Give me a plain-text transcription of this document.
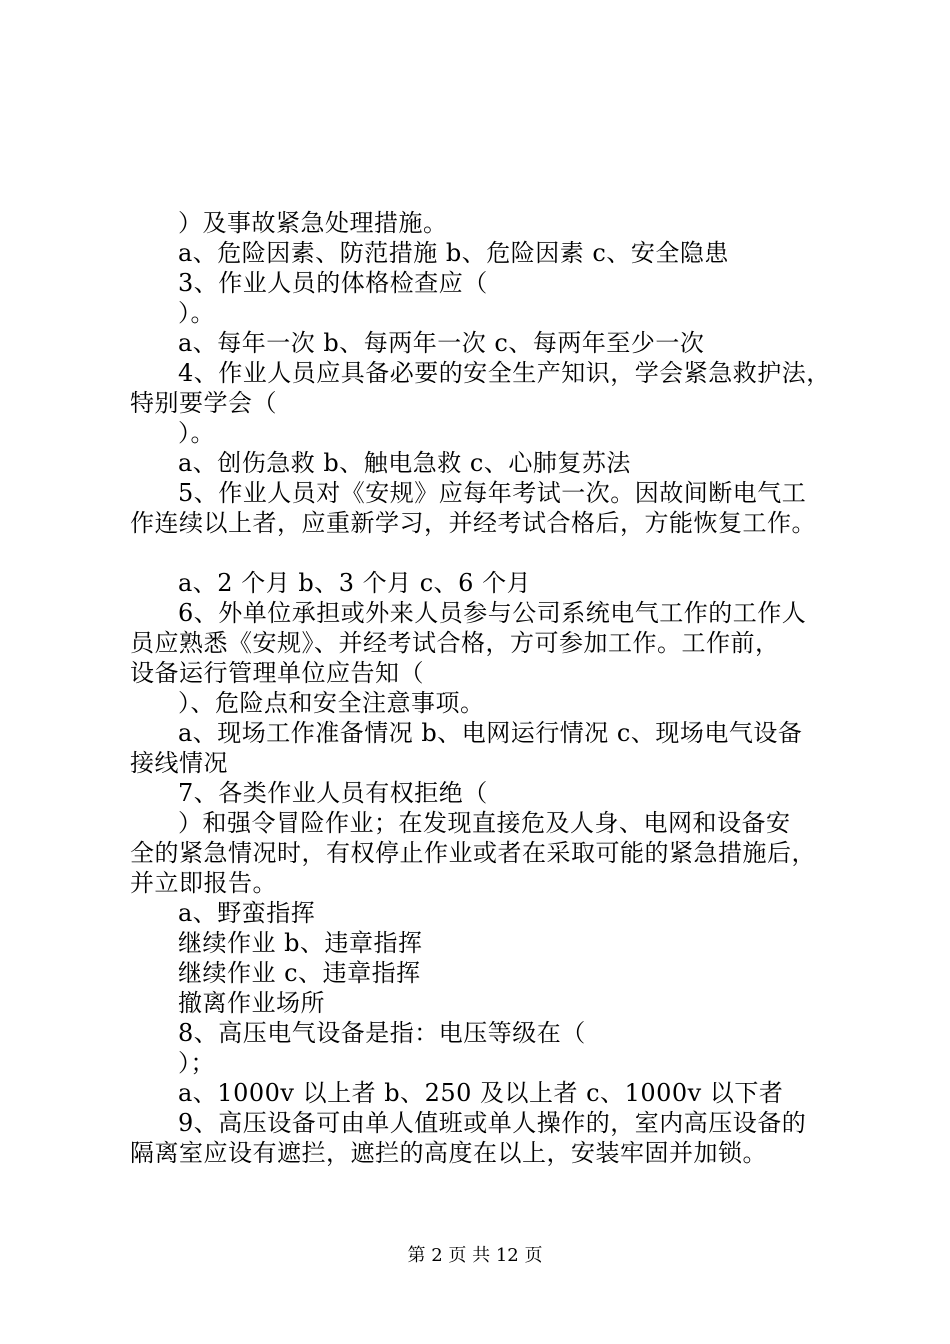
）及事故紧急处理措施。
a、危险因素、防范措施 b、危险因素 c、安全隐患
3、作业人员的体格检查应（
）。
a、每年一次 b、每两年一次 c、每两年至少一次
4、作业人员应具备必要的安全生产知识，学会紧急救护法，
特别要学会（
）。
a、创伤急救 b、触电急救 c、心肺复苏法
5、作业人员对《安规》应每年考试一次。因故间断电气工
作连续以上者，应重新学习，并经考试合格后，方能恢复工作。
a、2 个月 b、3 个月 c、6 个月
6、外单位承担或外来人员参与公司系统电气工作的工作人
员应熟悉《安规》、并经考试合格，方可参加工作。工作前，
设备运行管理单位应告知（
）、危险点和安全注意事项。
a、现场工作准备情况 b、电网运行情况 c、现场电气设备
接线情况
7、各类作业人员有权拒绝（
）和强令冒险作业；在发现直接危及人身、电网和设备安
全的紧急情况时，有权停止作业或者在采取可能的紧急措施后，
并立即报告。
a、野蛮指挥
继续作业 b、违章指挥
继续作业 c、违章指挥
撤离作业场所
8、高压电气设备是指：电压等级在（
）；
a、1000v 以上者 b、250 及以上者 c、1000v 以下者
9、高压设备可由单人值班或单人操作的，室内高压设备的
隔离室应设有遮拦，遮拦的高度在以上，安装牢固并加锁。
第 2 页 共 12 页
